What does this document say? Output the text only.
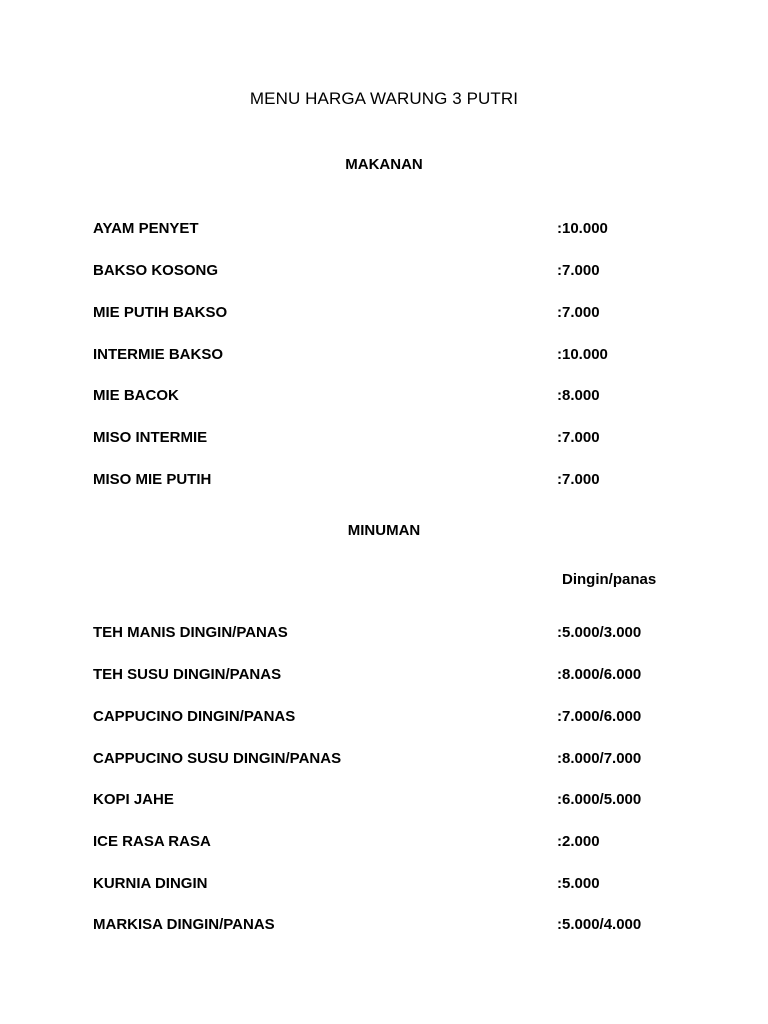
MENU HARGA WARUNG 3 PUTRI
MAKANAN
AYAM PENYET	:10.000
BAKSO KOSONG	:7.000
MIE PUTIH BAKSO	:7.000
INTERMIE BAKSO	:10.000
MIE BACOK	:8.000
MISO INTERMIE	:7.000
MISO MIE PUTIH	:7.000
MINUMAN
Dingin/panas
TEH MANIS DINGIN/PANAS	:5.000/3.000
TEH SUSU DINGIN/PANAS	:8.000/6.000
CAPPUCINO DINGIN/PANAS	:7.000/6.000
CAPPUCINO SUSU DINGIN/PANAS	:8.000/7.000
KOPI JAHE	:6.000/5.000
ICE RASA RASA	:2.000
KURNIA DINGIN	:5.000
MARKISA DINGIN/PANAS	:5.000/4.000
